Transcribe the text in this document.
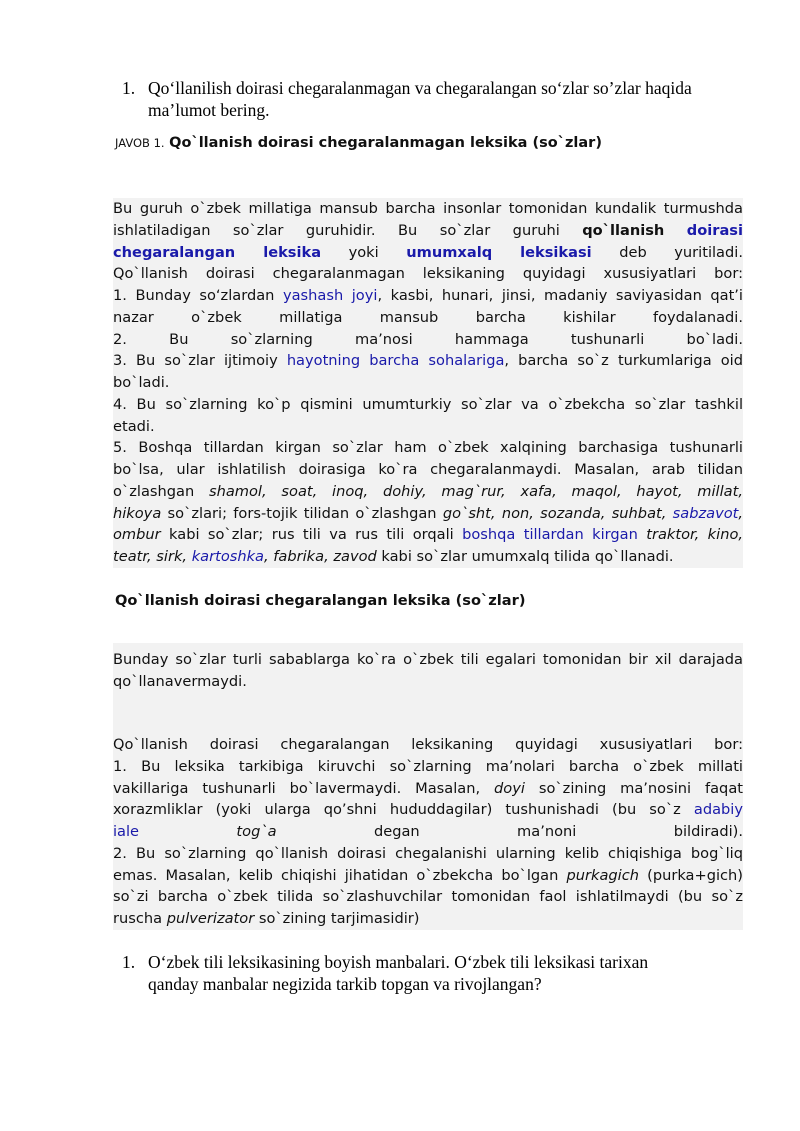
1. Qo‘llanilish doirasi chegaralanmagan va chegaralangan so‘zlar so’zlar haqida ma’lumot bering.
JAVOB 1. Qo`llanish doirasi chegaralanmagan leksika (so`zlar)

Bu guruh o`zbek millatiga mansub barcha insonlar tomonidan kundalik turmushda

ishlatiladigan so`zlar guruhidir. Bu so`zlar guruhi qo`llanish doirasi

chegaralangan leksika yoki umumxalq leksikasi deb yuritiladi.

Qo`llanish doirasi chegaralanmagan leksikaning quyidagi xususiyatlari bor:

1. Bunday so‘zlardan yashash joyi, kasbi, hunari, jinsi, madaniy saviyasidan qat’i

nazar o`zbek millatiga mansub barcha kishilar foydalanadi.

2. Bu so`zlarning ma’nosi hammaga tushunarli bo`ladi.

3. Bu so`zlar ijtimoiy hayotning barcha sohalariga, barcha so`z turkumlariga oid

bo`ladi.

4. Bu so`zlarning ko`p qismini umumturkiy so`zlar va o`zbekcha so`zlar tashkil

etadi.

5. Boshqa tillardan kirgan so`zlar ham o`zbek xalqining barchasiga tushunarli

bo`lsa, ular ishlatilish doirasiga ko`ra chegaralanmaydi. Masalan, arab tilidan

o`zlashgan shamol, soat, inoq, dohiy, mag`rur, xafa, maqol, hayot, millat,

hikoya so`zlari; fors-tojik tilidan o`zlashgan go`sht, non, sozanda, suhbat, sabzavot,

ombur kabi so`zlar; rus tili va rus tili orqali boshqa tillardan kirgan traktor, kino,

teatr, sirk, kartoshka, fabrika, zavod kabi so`zlar umumxalq tilida qo`llanadi.

Qo`llanish doirasi chegaralangan leksika (so`zlar)

Bunday so`zlar turli sabablarga ko`ra o`zbek tili egalari tomonidan bir xil darajada

qo`llanavermaydi.

Qo`llanish doirasi chegaralangan leksikaning quyidagi xususiyatlari bor:

1. Bu leksika tarkibiga kiruvchi so`zlarning ma’nolari barcha o`zbek millati

vakillariga tushunarli bo`lavermaydi. Masalan, doyi so`zining ma’nosini faqat

xorazmliklar (yoki ularga qo’shni hududdagilar) tushunishadi (bu so`z adabiy

iale	tog`a degan ma’noni bildiradi).

2. Bu so`zlarning qo`llanish doirasi chegalanishi ularning kelib chiqishiga bog`liq

emas. Masalan, kelib chiqishi jihatidan o`zbekcha bo`lgan purkagich (purka+gich)

so`zi barcha o`zbek tilida so`zlashuvchilar tomonidan faol ishlatilmaydi (bu so`z

ruscha pulverizator so`zining tarjimasidir)

1. O‘zbek tili leksikasining boyish manbalari. O‘zbek tili leksikasi tarixan qanday manbalar negizida tarkib topgan va rivojlangan?
